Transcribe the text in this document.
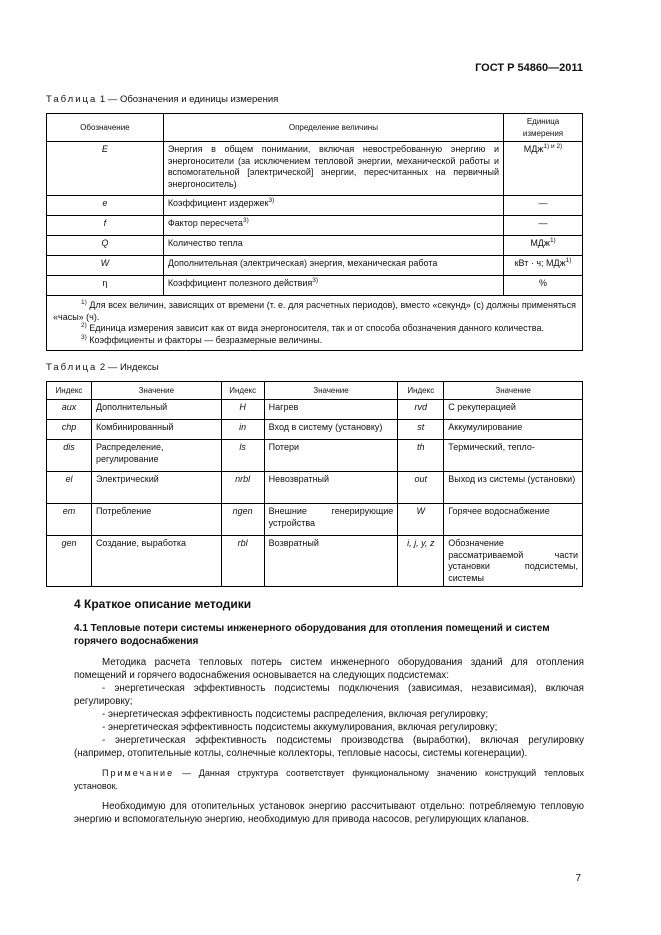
ГОСТ Р 54860—2011
Таблица 1 — Обозначения и единицы измерения
Обозначение	Определение величины	Единица измерения
E	Энергия в общем понимании, включая невостребованную энергию и энергоносители (за исключением тепловой энергии, механической работы и вспомогательной [электрической] энергии, пересчитанных на первичный энергоноситель)	МДж$^{1) и 2)}$
e	Коэффициент издержек$^{3)}$	—
f	Фактор пересчета$^{3)}$	—
Q	Количество тепла	МДж$^{1)}$
W	Дополнительная (электрическая) энергия, механическая работа	кВт · ч; МДж$^{1)}$
η	Коэффициент полезного действия$^{3)}$	%

$^{1)}$ Для всех величин, зависящих от времени (т. е. для расчетных периодов), вместо «секунд» (с) должны применяться «часы» (ч).

$^{2)}$ Единица измерения зависит как от вида энергоносителя, так и от способа обозначения данного количества.

$^{3)}$ Коэффициенты и факторы — безразмерные величины.		

Таблица 2 — Индексы
Индекс	Значение	Индекс	Значение	Индекс	Значение
aux	Дополнительный	H	Нагрев	rvd	С рекуперацией
chp	Комбинированный	in	Вход в систему (установку)	st	Аккумулирование
dis	Распределение, регулирование	ls	Потери	th	Термический, тепло-
el	Электрический	nrbl	Невозвратный	out	Выход из системы (установки)
em	Потребление	ngen	Внешние генерирующие устройства	W	Горячее водоснабжение
gen	Создание, выработка	rbl	Возвратный	i, j, y, z	Обозначение рассматриваемой части установки подсистемы, системы
4 Краткое описание методики
4.1 Тепловые потери системы инженерного оборудования для отопления помещений и систем горячего водоснабжения

Методика расчета тепловых потерь систем инженерного оборудования зданий для отопления помещений и горячего водоснабжения основывается на следующих подсистемах:

- энергетическая эффективность подсистемы подключения (зависимая, независимая), включая регулировку;

- энергетическая эффективность подсистемы распределения, включая регулировку;

- энергетическая эффективность подсистемы аккумулирования, включая регулировку;

- энергетическая эффективность подсистемы производства (выработки), включая регулировку (например, отопительные котлы, солнечные коллекторы, тепловые насосы, системы когенерации).

Примечание — Данная структура соответствует функциональному значению конструкций тепловых установок.

Необходимую для отопительных установок энергию рассчитывают отдельно: потребляемую тепловую энергию и вспомогательную энергию, необходимую для привода насосов, регулирующих клапанов.

7
